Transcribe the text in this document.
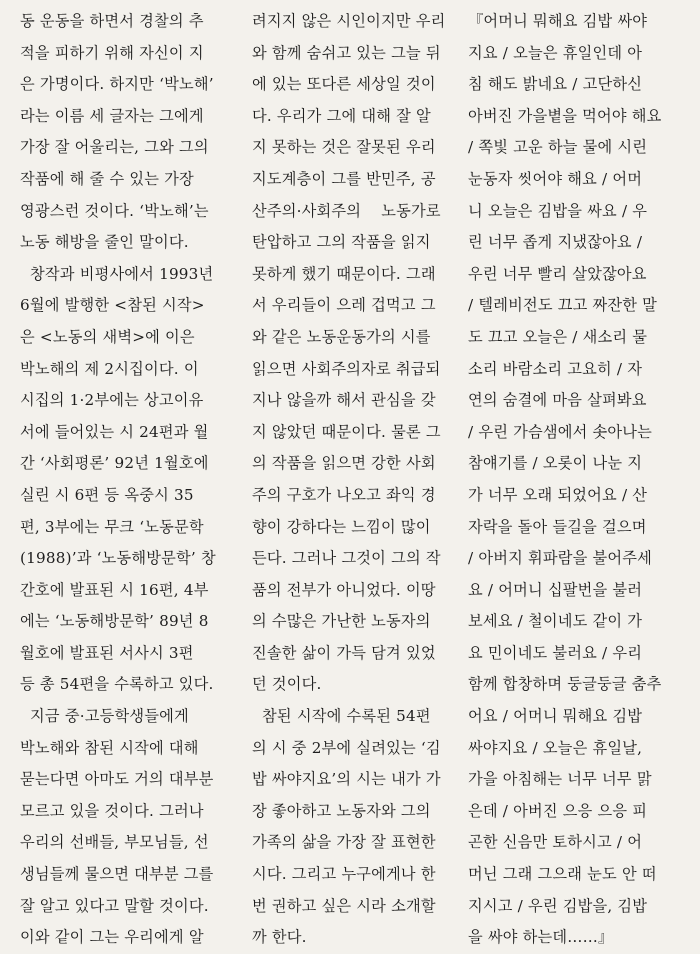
동 운동을 하면서 경찰의 추
적을 피하기 위해 자신이 지
은 가명이다. 하지만 ‘박노해’
라는 이름 세 글자는 그에게
가장 잘 어울리는, 그와 그의
작품에 해 줄 수 있는 가장
영광스런 것이다. ‘박노해’는
노동 해방을 줄인 말이다.
창작과 비평사에서 1993년
6월에 발행한 <참된 시작>
은 <노동의 새벽>에 이은
박노해의 제 2시집이다. 이
시집의 1·2부에는 상고이유
서에 들어있는 시 24편과 월
간 ‘사회평론’ 92년 1월호에
실린 시 6편 등 옥중시 35
편, 3부에는 무크 ‘노동문학
(1988)’과 ‘노동해방문학’ 창
간호에 발표된 시 16편, 4부
에는 ‘노동해방문학’ 89년 8
월호에 발표된 서사시 3편
등 총 54편을 수록하고 있다.
지금 중·고등학생들에게
박노해와 참된 시작에 대해
묻는다면 아마도 거의 대부분
모르고 있을 것이다. 그러나
우리의 선배들, 부모님들, 선
생님들께 물으면 대부분 그를
잘 알고 있다고 말할 것이다.
이와 같이 그는 우리에게 알
려지지 않은 시인이지만 우리
와 함께 숨쉬고 있는 그늘 뒤
에 있는 또다른 세상일 것이
다. 우리가 그에 대해 잘 알
지 못하는 것은 잘못된 우리
지도계층이 그를 반민주, 공
산주의·사회주의    노동가로
탄압하고 그의 작품을 읽지
못하게 했기 때문이다. 그래
서 우리들이 으레 겁먹고 그
와 같은 노동운동가의 시를
읽으면 사회주의자로 취급되
지나 않을까 해서 관심을 갖
지 않았던 때문이다. 물론 그
의 작품을 읽으면 강한 사회
주의 구호가 나오고 좌익 경
향이 강하다는 느낌이 많이
든다. 그러나 그것이 그의 작
품의 전부가 아니었다. 이땅
의 수많은 가난한 노동자의
진솔한 삶이 가득 담겨 있었
던 것이다.
참된 시작에 수록된 54편
의 시 중 2부에 실려있는 ‘김
밥 싸야지요’의 시는 내가 가
장 좋아하고 노동자와 그의
가족의 삶을 가장 잘 표현한
시다. 그리고 누구에게나 한
번 권하고 싶은 시라 소개할
까 한다.
『어머니 뭐해요 김밥 싸야
지요 / 오늘은 휴일인데 아
침 해도 밝네요 / 고단하신
아버진 가을볕을 먹어야 해요
/ 쪽빛 고운 하늘 물에 시린
눈동자 씻어야 해요 / 어머
니 오늘은 김밥을 싸요 / 우
린 너무 좁게 지냈잖아요 /
우린 너무 빨리 살았잖아요
/ 텔레비전도 끄고 짜잔한 말
도 끄고 오늘은 / 새소리 물
소리 바람소리 고요히 / 자
연의 숨결에 마음 살펴봐요
/ 우린 가슴샘에서 솟아나는
참얘기를 / 오롯이 나눈 지
가 너무 오래 되었어요 / 산
자락을 돌아 들길을 걸으며
/ 아버지 휘파람을 불어주세
요 / 어머니 십팔번을 불러
보세요 / 철이네도 같이 가
요 민이네도 불러요 / 우리
함께 합창하며 둥글둥글 춤추
어요 / 어머니 뭐해요 김밥
싸야지요 / 오늘은 휴일날,
가을 아침해는 너무 너무 맑
은데 / 아버진 으응 으응 피
곤한 신음만 토하시고 / 어
머닌 그래 그으래 눈도 안 떠
지시고 / 우린 김밥을, 김밥
을 싸야 하는데……』
